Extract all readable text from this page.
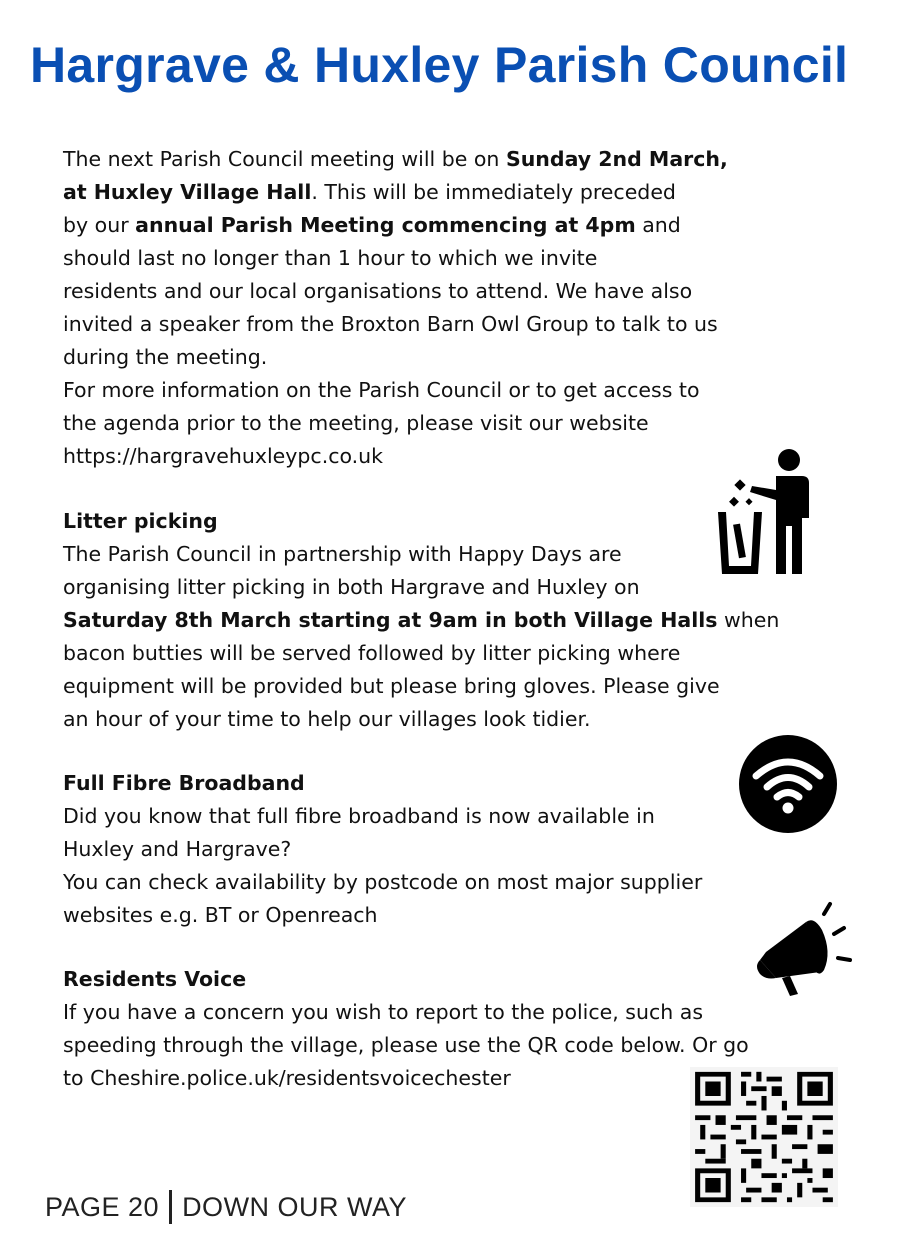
Hargrave & Huxley Parish Council
The next Parish Council meeting will be on Sunday 2nd March,
at Huxley Village Hall. This will be immediately preceded
by our annual Parish Meeting commencing at 4pm and
should last no longer than 1 hour to which we invite
residents and our local organisations to attend. We have also
invited a speaker from the Broxton Barn Owl Group to talk to us
during the meeting.
For more information on the Parish Council or to get access to
the agenda prior to the meeting, please visit our website
https://hargravehuxleypc.co.uk
Litter picking
The Parish Council in partnership with Happy Days are
organising litter picking in both Hargrave and Huxley on
Saturday 8th March starting at 9am in both Village Halls when
bacon butties will be served followed by litter picking where
equipment will be provided but please bring gloves. Please give
an hour of your time to help our villages look tidier.
Full Fibre Broadband
Did you know that full fibre broadband is now available in
Huxley and Hargrave?
You can check availability by postcode on most major supplier
websites e.g. BT or Openreach
Residents Voice
If you have a concern you wish to report to the police, such as
speeding through the village, please use the QR code below. Or go
to Cheshire.police.uk/residentsvoicechester
PAGE 20 DOWN OUR WAY
